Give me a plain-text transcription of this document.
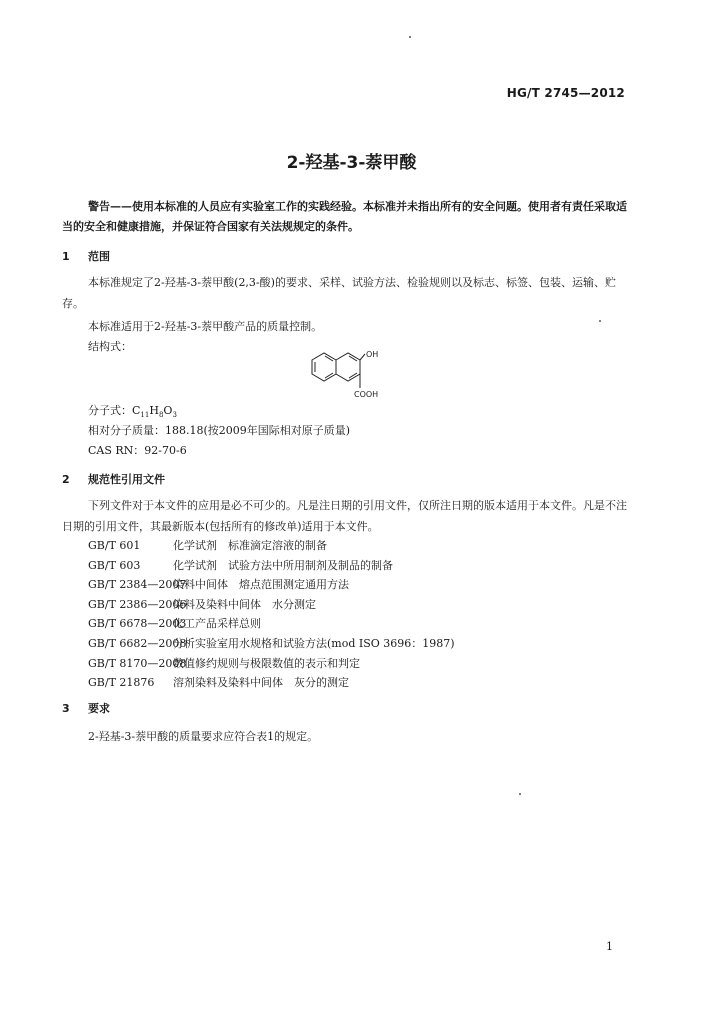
HG/T 2745—2012
2-羟基-3-萘甲酸
警告——使用本标准的人员应有实验室工作的实践经验。本标准并未指出所有的安全问题。使用者有责任采取适当的安全和健康措施，并保证符合国家有关法规规定的条件。
1 范围
本标准规定了2-羟基-3-萘甲酸(2,3-酸)的要求、采样、试验方法、检验规则以及标志、标签、包装、运输、贮存。
本标准适用于2-羟基-3-萘甲酸产品的质量控制。
结构式：
OH
COOH
分子式：$C_{11}H_8O_3$
相对分子质量：188.18(按2009年国际相对原子质量)
CAS RN：92-70-6
2 规范性引用文件
下列文件对于本文件的应用是必不可少的。凡是注日期的引用文件，仅所注日期的版本适用于本文件。凡是不注日期的引用文件，其最新版本(包括所有的修改单)适用于本文件。
GB/T 601	化学试剂　标准滴定溶液的制备
GB/T 603	化学试剂　试验方法中所用制剂及制品的制备
GB/T 2384—2007染料中间体　熔点范围测定通用方法
GB/T 2386—2006染料及染料中间体　水分测定
GB/T 6678—2003化工产品采样总则
GB/T 6682—2008分析实验室用水规格和试验方法(mod ISO 3696：1987)
GB/T 8170—2008数值修约规则与极限数值的表示和判定
GB/T 21876 溶剂染料及染料中间体　灰分的测定
3 要求
2-羟基-3-萘甲酸的质量要求应符合表1的规定。
1
